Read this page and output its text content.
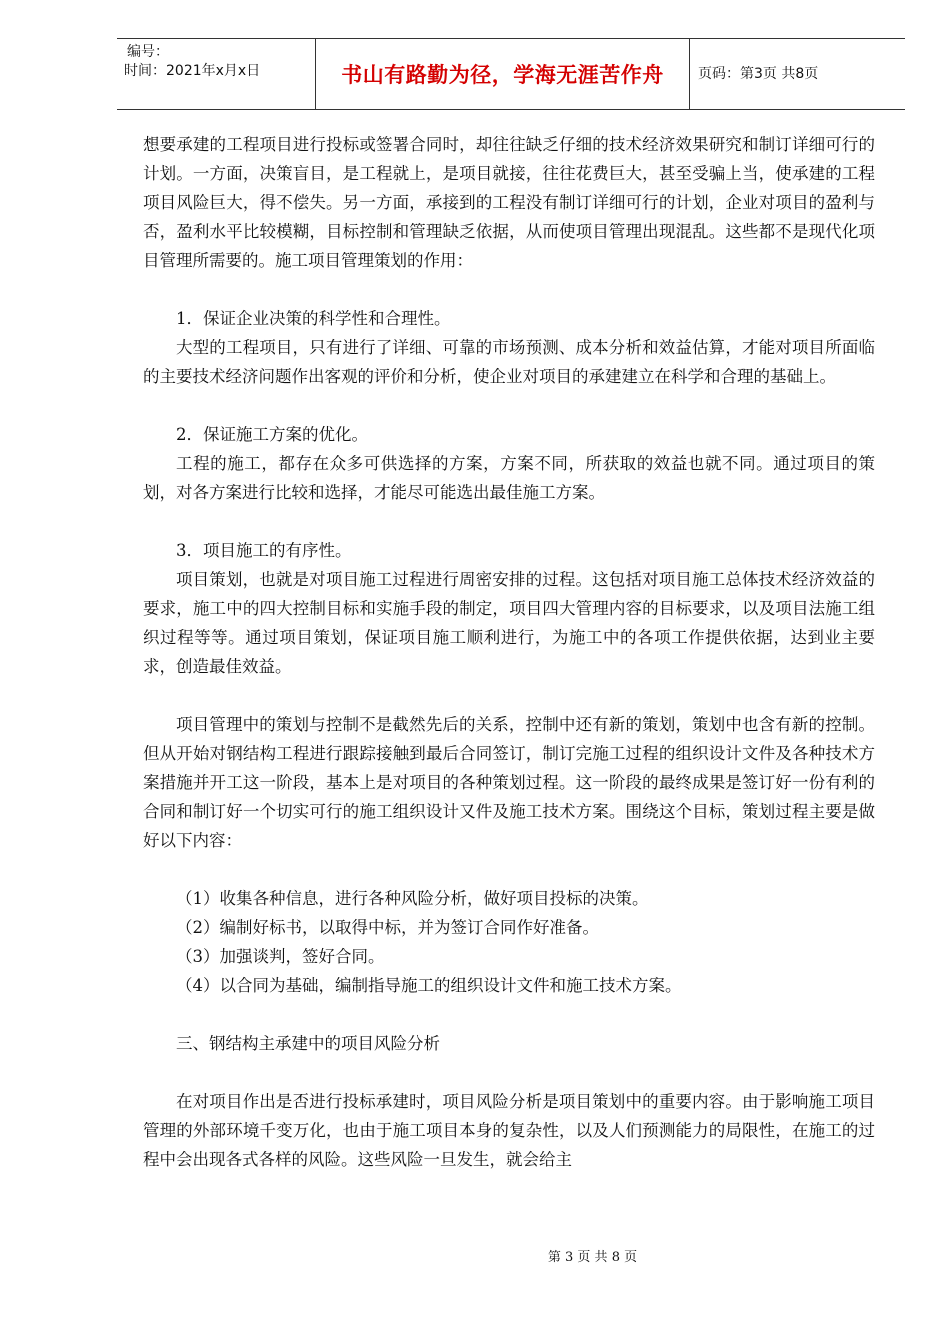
编号：
时间：2021年x月x日	书山有路勤为径，学海无涯苦作舟	页码：第3页 共8页

想要承建的工程项目进行投标或签署合同时，却往往缺乏仔细的技术经济效果研究和制订详细可行的计划。一方面，决策盲目，是工程就上，是项目就接，往往花费巨大，甚至受骗上当，使承建的工程项目风险巨大，得不偿失。另一方面，承接到的工程没有制订详细可行的计划，企业对项目的盈利与否，盈利水平比较模糊，目标控制和管理缺乏依据，从而使项目管理出现混乱。这些都不是现代化项目管理所需要的。施工项目管理策划的作用：

1．保证企业决策的科学性和合理性。

大型的工程项目，只有进行了详细、可靠的市场预测、成本分析和效益估算，才能对项目所面临的主要技术经济问题作出客观的评价和分析，使企业对项目的承建建立在科学和合理的基础上。

2．保证施工方案的优化。

工程的施工，都存在众多可供选择的方案，方案不同，所获取的效益也就不同。通过项目的策划，对各方案进行比较和选择，才能尽可能选出最佳施工方案。

3．项目施工的有序性。

项目策划，也就是对项目施工过程进行周密安排的过程。这包括对项目施工总体技术经济效益的要求，施工中的四大控制目标和实施手段的制定，项目四大管理内容的目标要求，以及项目法施工组织过程等等。通过项目策划，保证项目施工顺利进行，为施工中的各项工作提供依据，达到业主要求，创造最佳效益。

项目管理中的策划与控制不是截然先后的关系，控制中还有新的策划，策划中也含有新的控制。但从开始对钢结构工程进行跟踪接触到最后合同签订，制订完施工过程的组织设计文件及各种技术方案措施并开工这一阶段，基本上是对项目的各种策划过程。这一阶段的最终成果是签订好一份有利的合同和制订好一个切实可行的施工组织设计又件及施工技术方案。围绕这个目标，策划过程主要是做好以下内容：

（1）收集各种信息，进行各种风险分析，做好项目投标的决策。

（2）编制好标书，以取得中标，并为签订合同作好准备。

（3）加强谈判，签好合同。

（4）以合同为基础，编制指导施工的组织设计文件和施工技术方案。

三、钢结构主承建中的项目风险分析

在对项目作出是否进行投标承建时，项目风险分析是项目策划中的重要内容。由于影响施工项目管理的外部环境千变万化，也由于施工项目本身的复杂性，以及人们预测能力的局限性，在施工的过程中会出现各式各样的风险。这些风险一旦发生，就会给主

第 3 页 共 8 页
